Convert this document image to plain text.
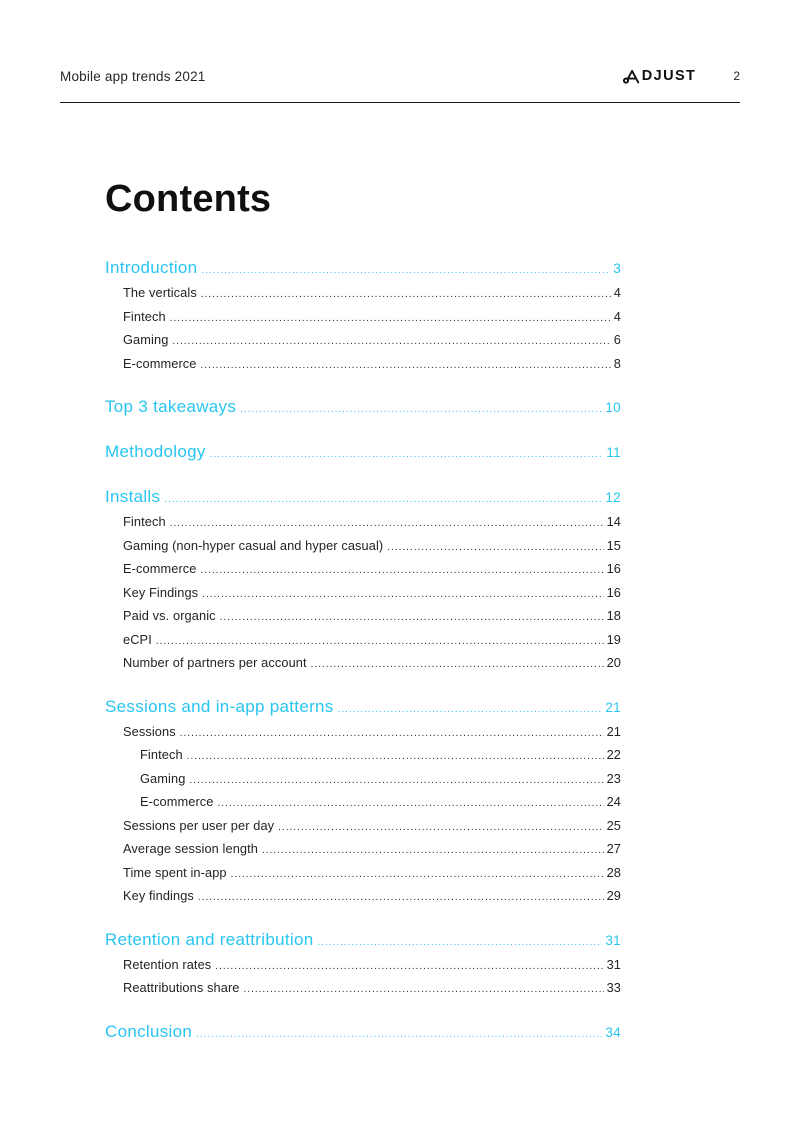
Mobile app trends 2021	DJUST	2
Contents
Introduction .....	3
The verticals .....	4
Fintech .....	4
Gaming .....	6
E-commerce .....	8
Top 3 takeaways .....	10
Methodology .....	11
Installs .....	12
Fintech .....	14
Gaming (non-hyper casual and hyper casual) .....	15
E-commerce .....	16
Key Findings .....	16
Paid vs. organic .....	18
eCPI .....	19
Number of partners per account .....	20
Sessions and in-app patterns .....	21
Sessions .....	21
Fintech .....	22
Gaming .....	23
E-commerce .....	24
Sessions per user per day .....	25
Average session length .....	27
Time spent in-app .....	28
Key findings .....	29
Retention and reattribution .....	31
Retention rates .....	31
Reattributions share .....	33
Conclusion .....	34
